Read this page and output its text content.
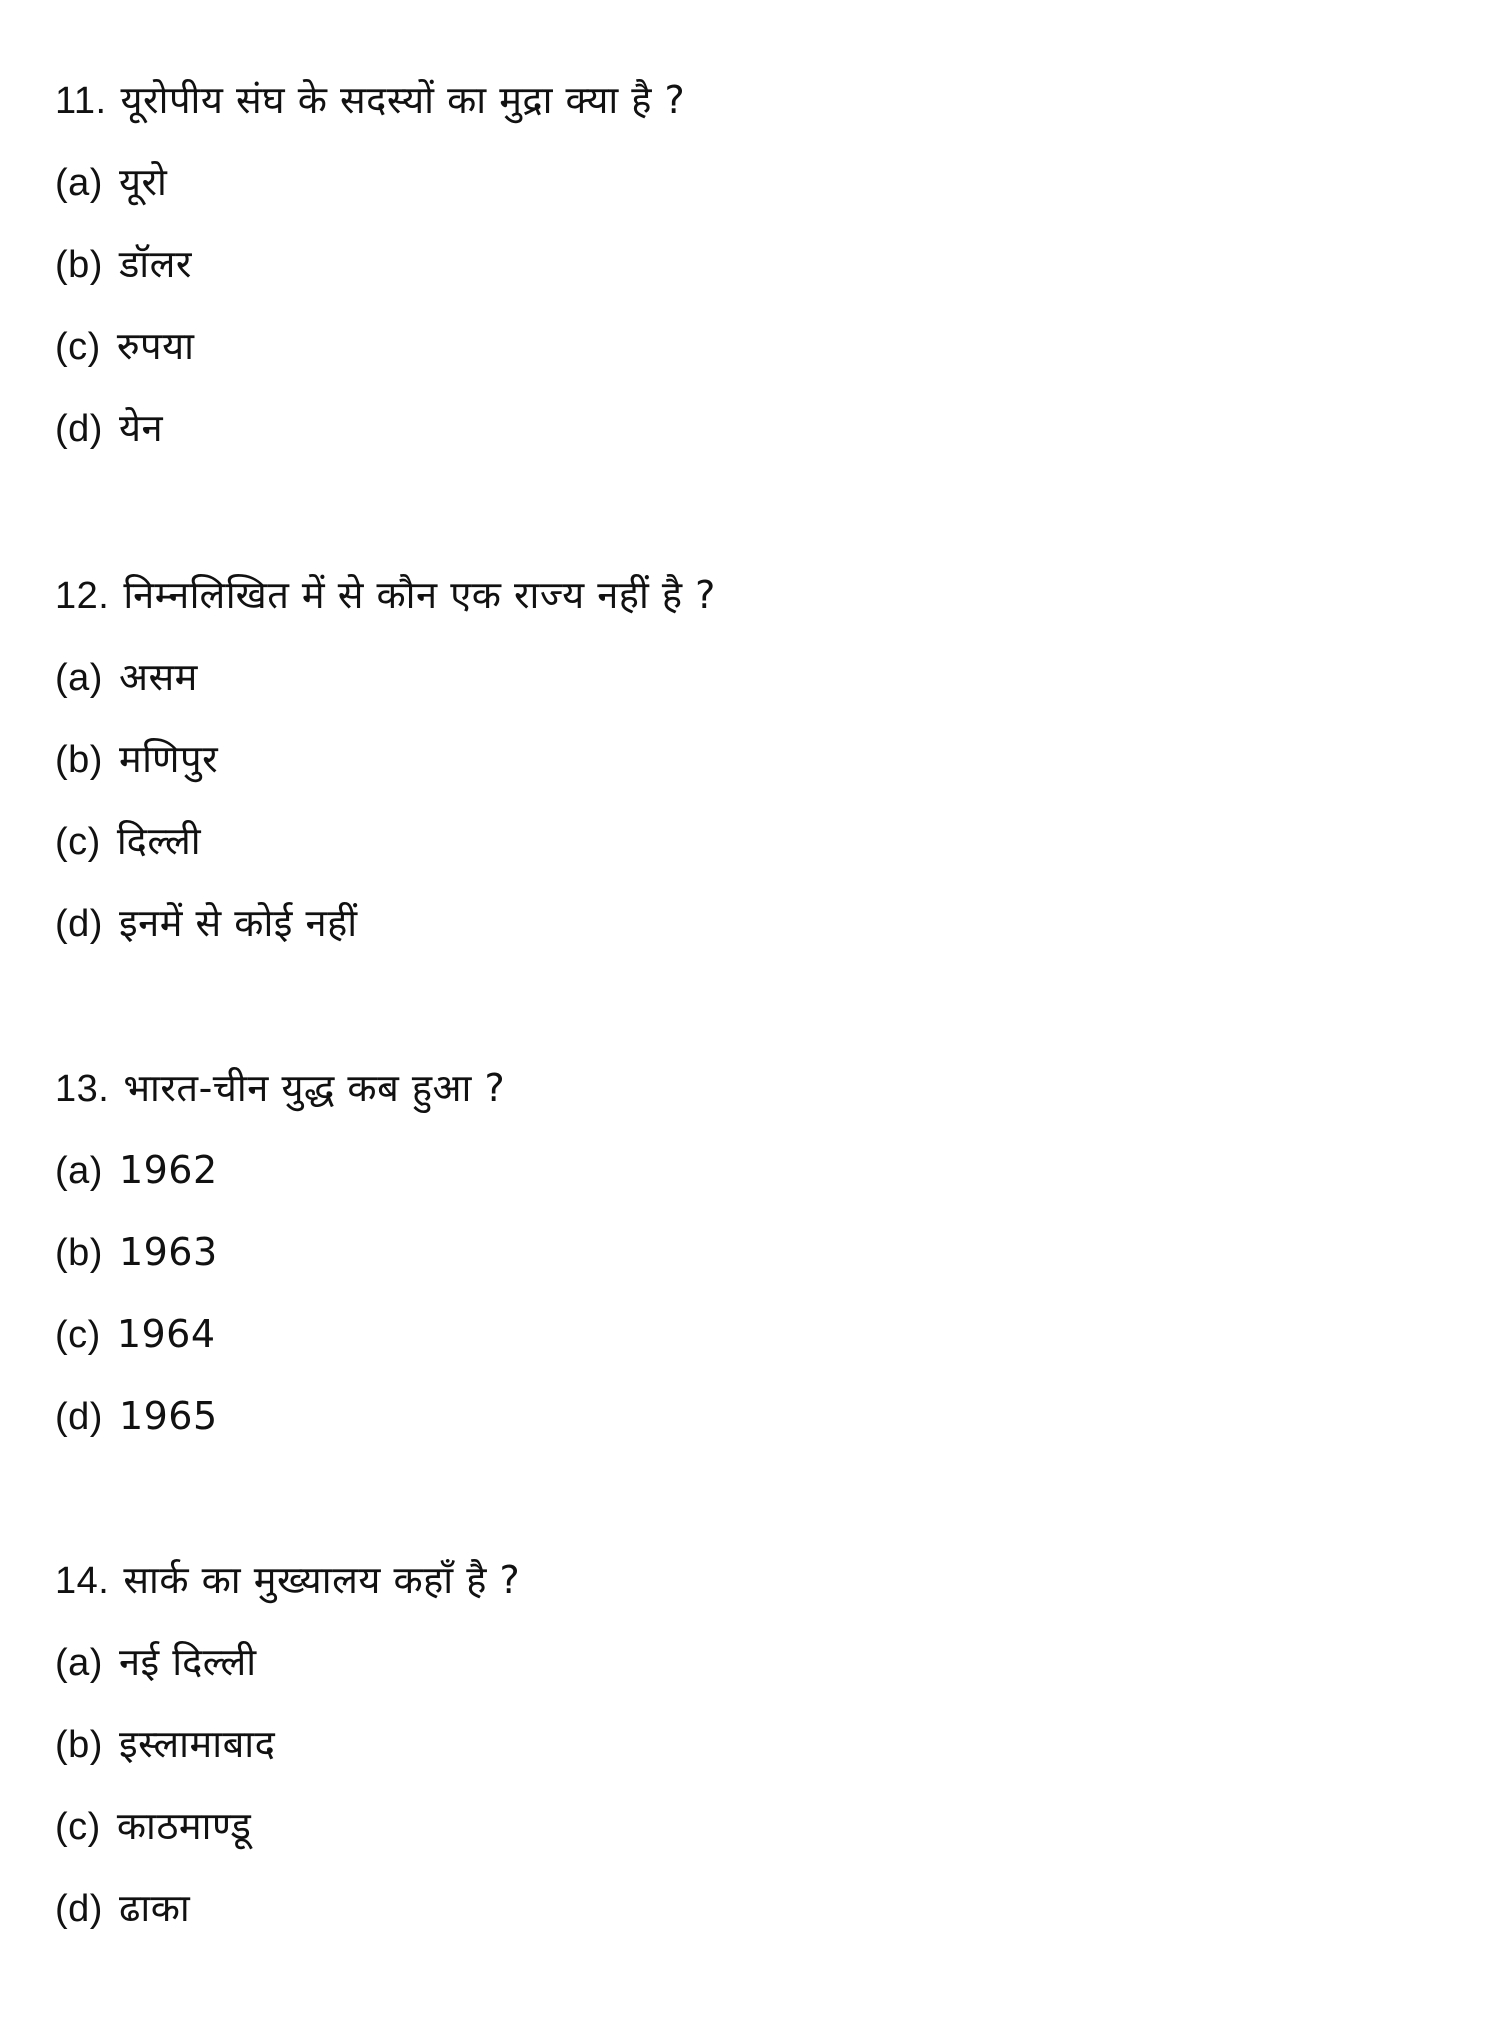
11. यूरोपीय संघ के सदस्यों का मुद्रा क्या है ?
(a) यूरो
(b) डॉलर
(c) रुपया
(d) येन
12. निम्नलिखित में से कौन एक राज्य नहीं है ?
(a) असम
(b) मणिपुर
(c) दिल्ली
(d) इनमें से कोई नहीं
13. भारत-चीन युद्ध कब हुआ ?
(a) 1962
(b) 1963
(c) 1964
(d) 1965
14. सार्क का मुख्यालय कहाँ है ?
(a) नई दिल्ली
(b) इस्लामाबाद
(c) काठमाण्डू
(d) ढाका
